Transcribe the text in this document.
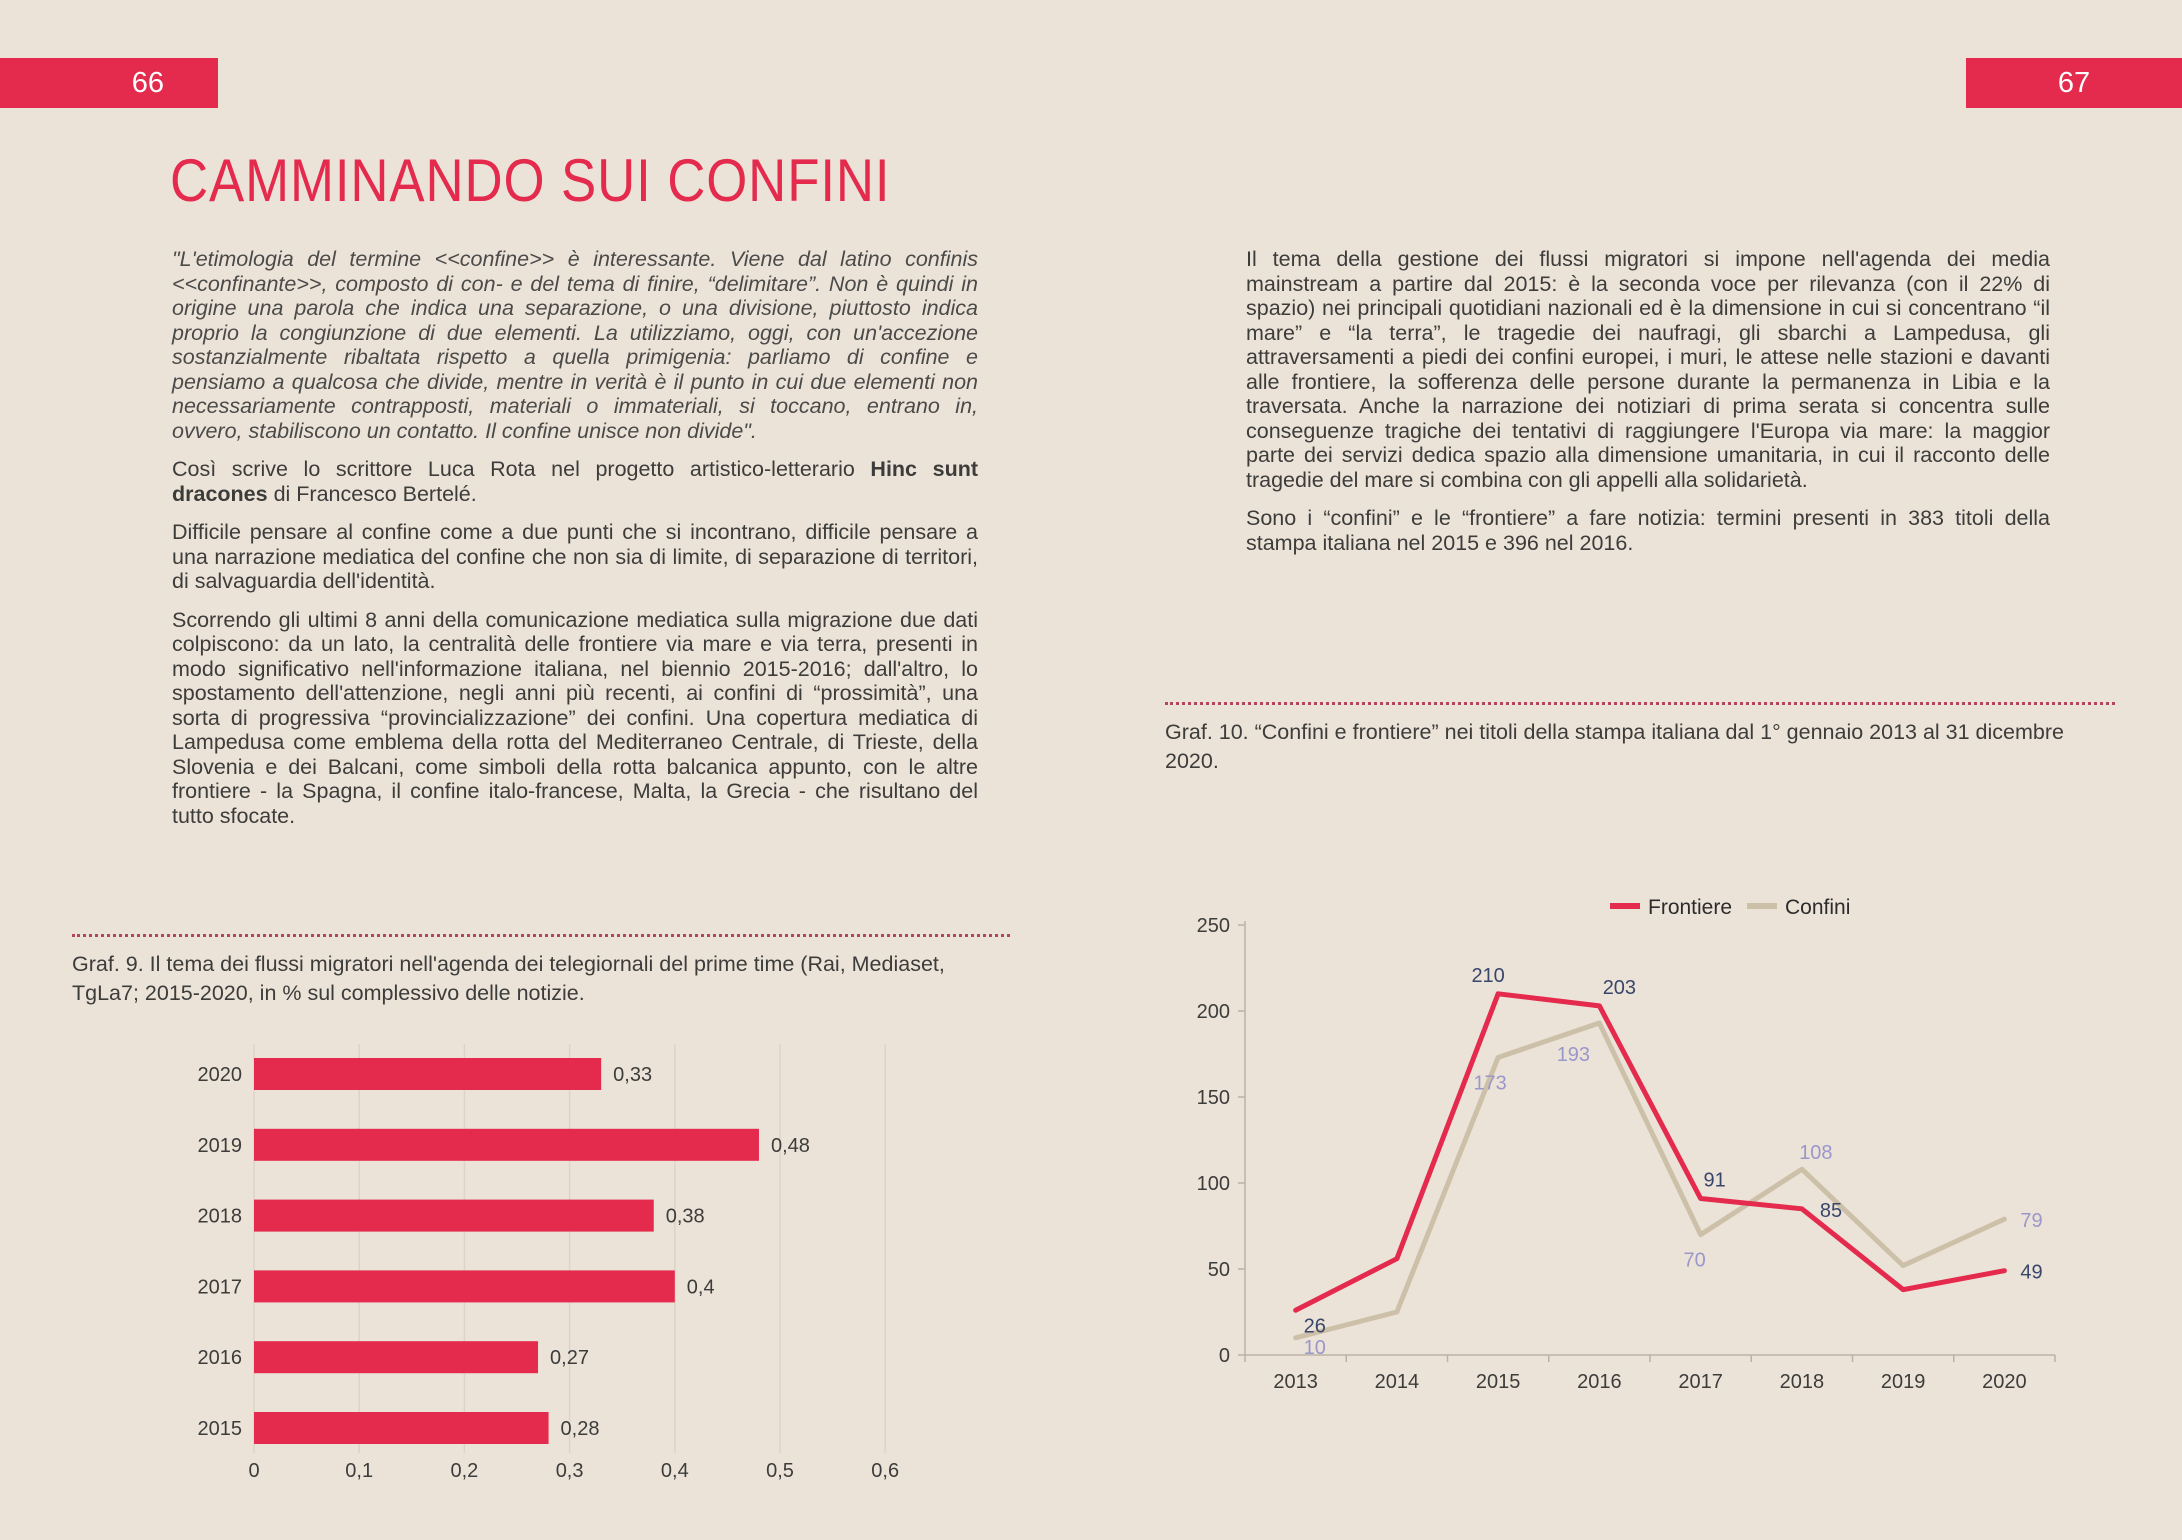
66	67
CAMMINANDO SUI CONFINI

"L'etimologia del termine <<confine>> è interessante. Viene dal latino confinis <<confinante>>, composto di con- e del tema di finire, “delimitare”. Non è quindi in origine una parola che indica una separazione, o una divisione, piuttosto indica proprio la congiunzione di due elementi. La utilizziamo, oggi, con un'accezione sostanzialmente ribaltata rispetto a quella primigenia: parliamo di confine e pensiamo a qualcosa che divide, mentre in verità è il punto in cui due elementi non necessariamente contrapposti, materiali o immateriali, si toccano, entrano in, ovvero, stabiliscono un contatto. Il confine unisce non divide".

Così scrive lo scrittore Luca Rota nel progetto artistico-letterario Hinc sunt dracones di Francesco Bertelé.

Difficile pensare al confine come a due punti che si incontrano, difficile pensare a una narrazione mediatica del confine che non sia di limite, di separazione di territori, di salvaguardia dell'identità.

Scorrendo gli ultimi 8 anni della comunicazione mediatica sulla migrazione due dati colpiscono: da un lato, la centralità delle frontiere via mare e via terra, presenti in modo significativo nell'informazione italiana, nel biennio 2015-2016; dall'altro, lo spostamento dell'attenzione, negli anni più recenti, ai confini di “prossimità”, una sorta di progressiva “provincializzazione” dei confini. Una copertura mediatica di Lampedusa come emblema della rotta del Mediterraneo Centrale, di Trieste, della Slovenia e dei Balcani, come simboli della rotta balcanica appunto, con le altre frontiere - la Spagna, il confine italo-francese, Malta, la Grecia - che risultano del tutto sfocate.

Il tema della gestione dei flussi migratori si impone nell'agenda dei media mainstream a partire dal 2015: è la seconda voce per rilevanza (con il 22% di spazio) nei principali quotidiani nazionali ed è la dimensione in cui si concentrano “il mare” e “la terra”, le tragedie dei naufragi, gli sbarchi a Lampedusa, gli attraversamenti a piedi dei confini europei, i muri, le attese nelle stazioni e davanti alle frontiere, la sofferenza delle persone durante la permanenza in Libia e la traversata. Anche la narrazione dei notiziari di prima serata si concentra sulle conseguenze tragiche dei tentativi di raggiungere l'Europa via mare: la maggior parte dei servizi dedica spazio alla dimensione umanitaria, in cui il racconto delle tragedie del mare si combina con gli appelli alla solidarietà.

Sono i “confini” e le “frontiere” a fare notizia: termini presenti in 383 titoli della stampa italiana nel 2015 e 396 nel 2016.

Graf. 9. Il tema dei flussi migratori nell'agenda dei telegiornali del prime time (Rai, Mediaset, TgLa7; 2015-2020, in % sul complessivo delle notizie.
Graf. 10. “Confini e frontiere” nei titoli della stampa italiana dal 1° gennaio 2013 al 31 dicembre 2020.
0	0,1	0,2	0,3	0,4	0,5	0,6
2020	0,33
2019	0,48
2018	0,38
2017	0,4
2016	0,27
2015	0,28
0
50
100
150
200
250
2013	2014	2015	2016	2017	2018	2019	2020
Frontiere	Confini
26
210
203
91
85
49
10
173
193
70
108
79
